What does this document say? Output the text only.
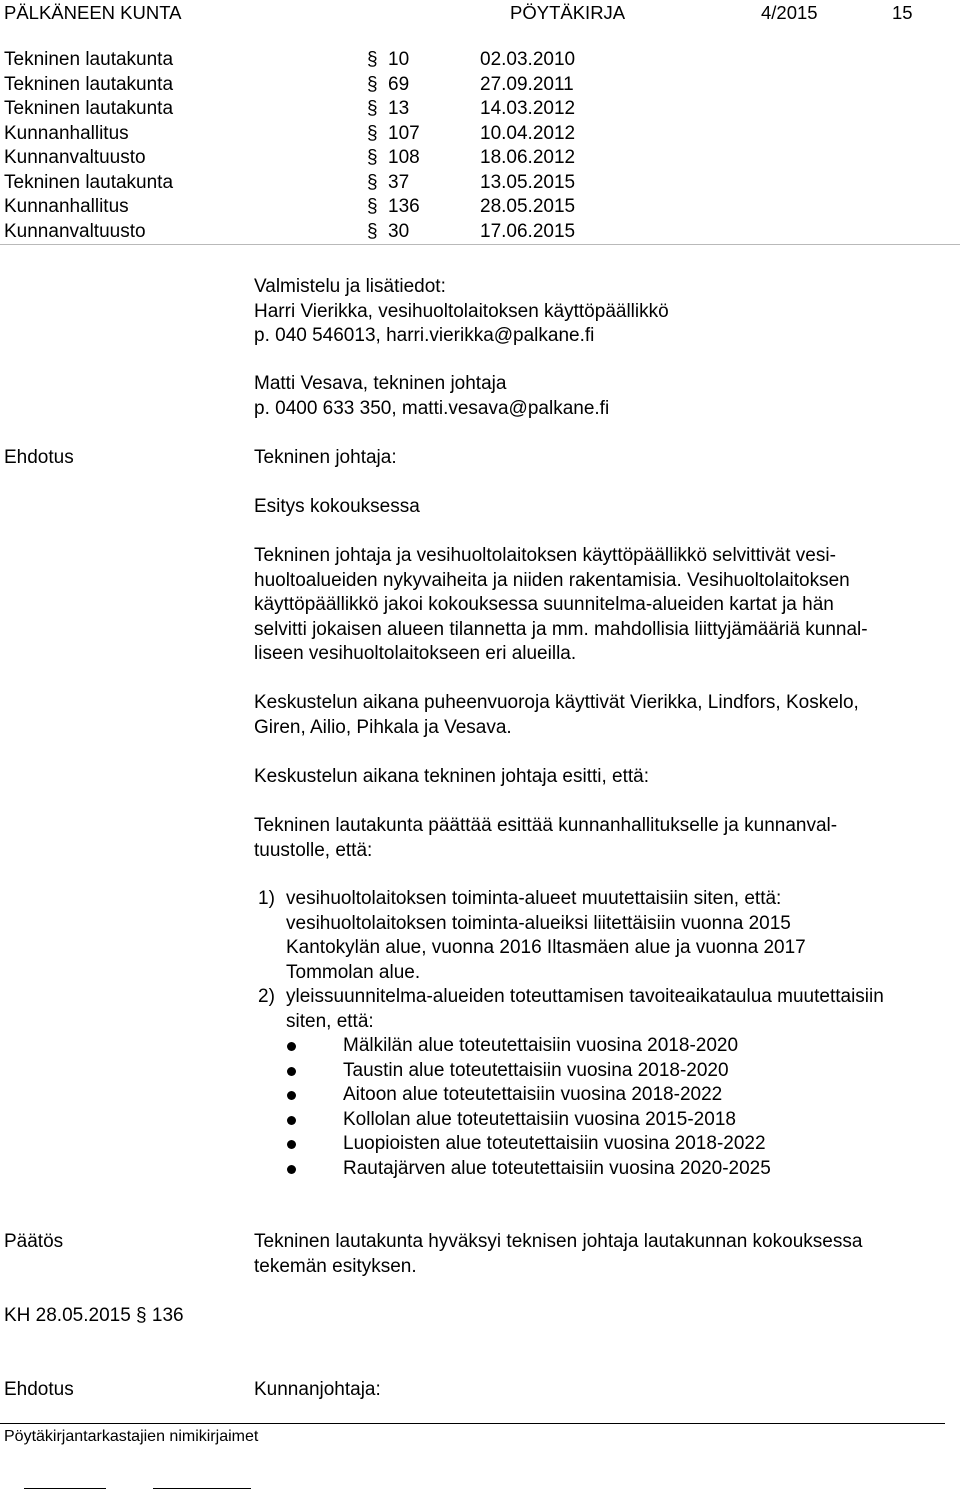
PÄLKÄNEEN KUNTA	PÖYTÄKIRJA	4/2015	15
Tekninen lautakunta	§ 10	02.03.2010
Tekninen lautakunta	§ 69	27.09.2011
Tekninen lautakunta	§ 13	14.03.2012
Kunnanhallitus	§ 107	10.04.2012
Kunnanvaltuusto	§ 108	18.06.2012
Tekninen lautakunta	§ 37	13.05.2015
Kunnanhallitus	§ 136	28.05.2015
Kunnanvaltuusto	§ 30	17.06.2015
Valmistelu ja lisätiedot:
Harri Vierikka, vesihuoltolaitoksen käyttöpäällikkö
p. 040 546013, harri.vierikka@palkane.fi
Matti Vesava, tekninen johtaja
p. 0400 633 350, matti.vesava@palkane.fi
Ehdotus	Tekninen johtaja:
Esitys kokouksessa
Tekninen johtaja ja vesihuoltolaitoksen käyttöpäällikkö selvittivät vesi-
huoltoalueiden nykyvaiheita ja niiden rakentamisia. Vesihuoltolaitoksen
käyttöpäällikkö jakoi kokouksessa suunnitelma-alueiden kartat ja hän
selvitti jokaisen alueen tilannetta ja mm. mahdollisia liittyjämääriä kunnal-
liseen vesihuoltolaitokseen eri alueilla.
Keskustelun aikana puheenvuoroja käyttivät Vierikka, Lindfors, Koskelo,
Giren, Ailio, Pihkala ja Vesava.
Keskustelun aikana tekninen johtaja esitti, että:
Tekninen lautakunta päättää esittää kunnanhallitukselle ja kunnanval-
tuustolle, että:
1) vesihuoltolaitoksen toiminta-alueet muutettaisiin siten, että:
vesihuoltolaitoksen toiminta-alueiksi liitettäisiin vuonna 2015
Kantokylän alue, vuonna 2016 Iltasmäen alue ja vuonna 2017
Tommolan alue.
2) yleissuunnitelma-alueiden toteuttamisen tavoiteaikataulua muutettaisiin
siten, että:
Mälkilän alue toteutettaisiin vuosina 2018-2020
Taustin alue toteutettaisiin vuosina 2018-2020
Aitoon alue toteutettaisiin vuosina 2018-2022
Kollolan alue toteutettaisiin vuosina 2015-2018
Luopioisten alue toteutettaisiin vuosina 2018-2022
Rautajärven alue toteutettaisiin vuosina 2020-2025
Päätös	Tekninen lautakunta hyväksyi teknisen johtaja lautakunnan kokouksessa
tekemän esityksen.
KH 28.05.2015 § 136
Ehdotus	Kunnanjohtaja:
Pöytäkirjantarkastajien nimikirjaimet
